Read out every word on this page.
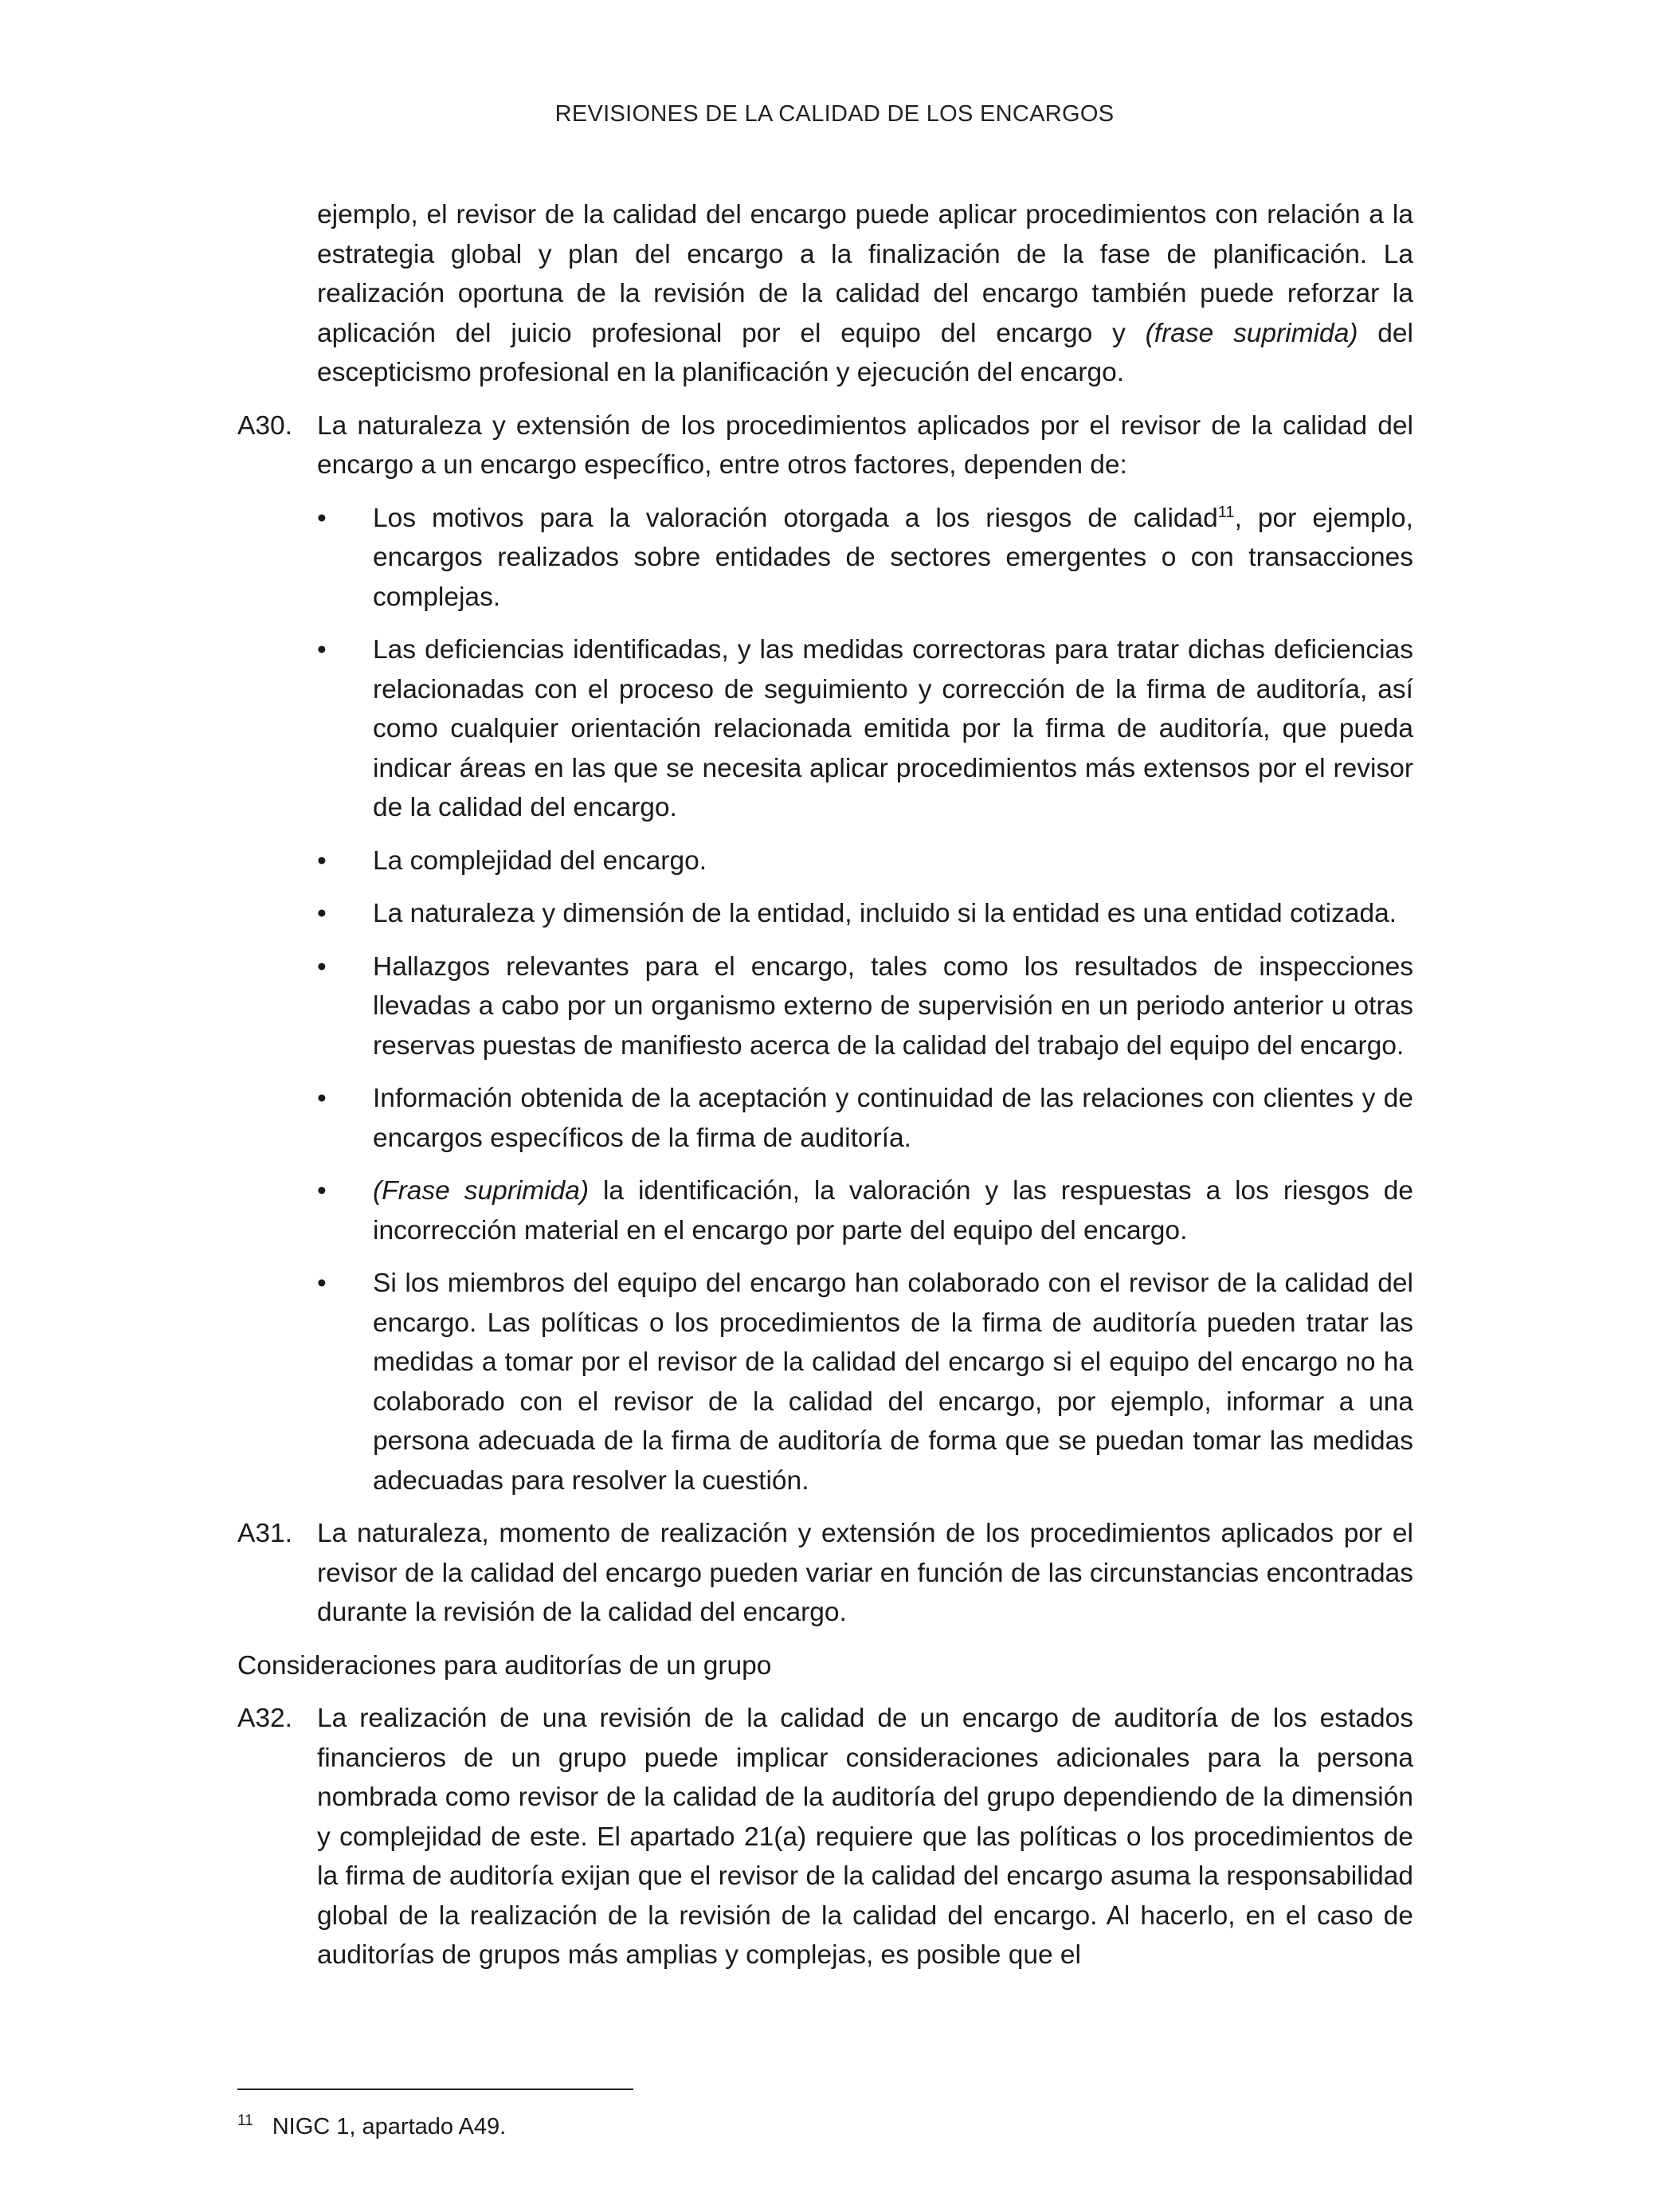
REVISIONES DE LA CALIDAD DE LOS ENCARGOS

ejemplo, el revisor de la calidad del encargo puede aplicar procedimientos con relación a la estrategia global y plan del encargo a la finalización de la fase de planificación. La realización oportuna de la revisión de la calidad del encargo también puede reforzar la aplicación del juicio profesional por el equipo del encargo y (frase suprimida) del escepticismo profesional en la planificación y ejecución del encargo.

A30. La naturaleza y extensión de los procedimientos aplicados por el revisor de la calidad del encargo a un encargo específico, entre otros factores, dependen de:

• Los motivos para la valoración otorgada a los riesgos de calidad$^{11}$, por ejemplo, encargos realizados sobre entidades de sectores emergentes o con transacciones complejas.
• Las deficiencias identificadas, y las medidas correctoras para tratar dichas deficiencias relacionadas con el proceso de seguimiento y corrección de la firma de auditoría, así como cualquier orientación relacionada emitida por la firma de auditoría, que pueda indicar áreas en las que se necesita aplicar procedimientos más extensos por el revisor de la calidad del encargo.
• La complejidad del encargo.
• La naturaleza y dimensión de la entidad, incluido si la entidad es una entidad cotizada.
• Hallazgos relevantes para el encargo, tales como los resultados de inspecciones llevadas a cabo por un organismo externo de supervisión en un periodo anterior u otras reservas puestas de manifiesto acerca de la calidad del trabajo del equipo del encargo.
• Información obtenida de la aceptación y continuidad de las relaciones con clientes y de encargos específicos de la firma de auditoría.
• (Frase suprimida) la identificación, la valoración y las respuestas a los riesgos de incorrección material en el encargo por parte del equipo del encargo.
• Si los miembros del equipo del encargo han colaborado con el revisor de la calidad del encargo. Las políticas o los procedimientos de la firma de auditoría pueden tratar las medidas a tomar por el revisor de la calidad del encargo si el equipo del encargo no ha colaborado con el revisor de la calidad del encargo, por ejemplo, informar a una persona adecuada de la firma de auditoría de forma que se puedan tomar las medidas adecuadas para resolver la cuestión.

A31. La naturaleza, momento de realización y extensión de los procedimientos aplicados por el revisor de la calidad del encargo pueden variar en función de las circunstancias encontradas durante la revisión de la calidad del encargo.

Consideraciones para auditorías de un grupo

A32. La realización de una revisión de la calidad de un encargo de auditoría de los estados financieros de un grupo puede implicar consideraciones adicionales para la persona nombrada como revisor de la calidad de la auditoría del grupo dependiendo de la dimensión y complejidad de este. El apartado 21(a) requiere que las políticas o los procedimientos de la firma de auditoría exijan que el revisor de la calidad del encargo asuma la responsabilidad global de la realización de la revisión de la calidad del encargo. Al hacerlo, en el caso de auditorías de grupos más amplias y complejas, es posible que el

$^{11}$ NIGC 1, apartado A49.
